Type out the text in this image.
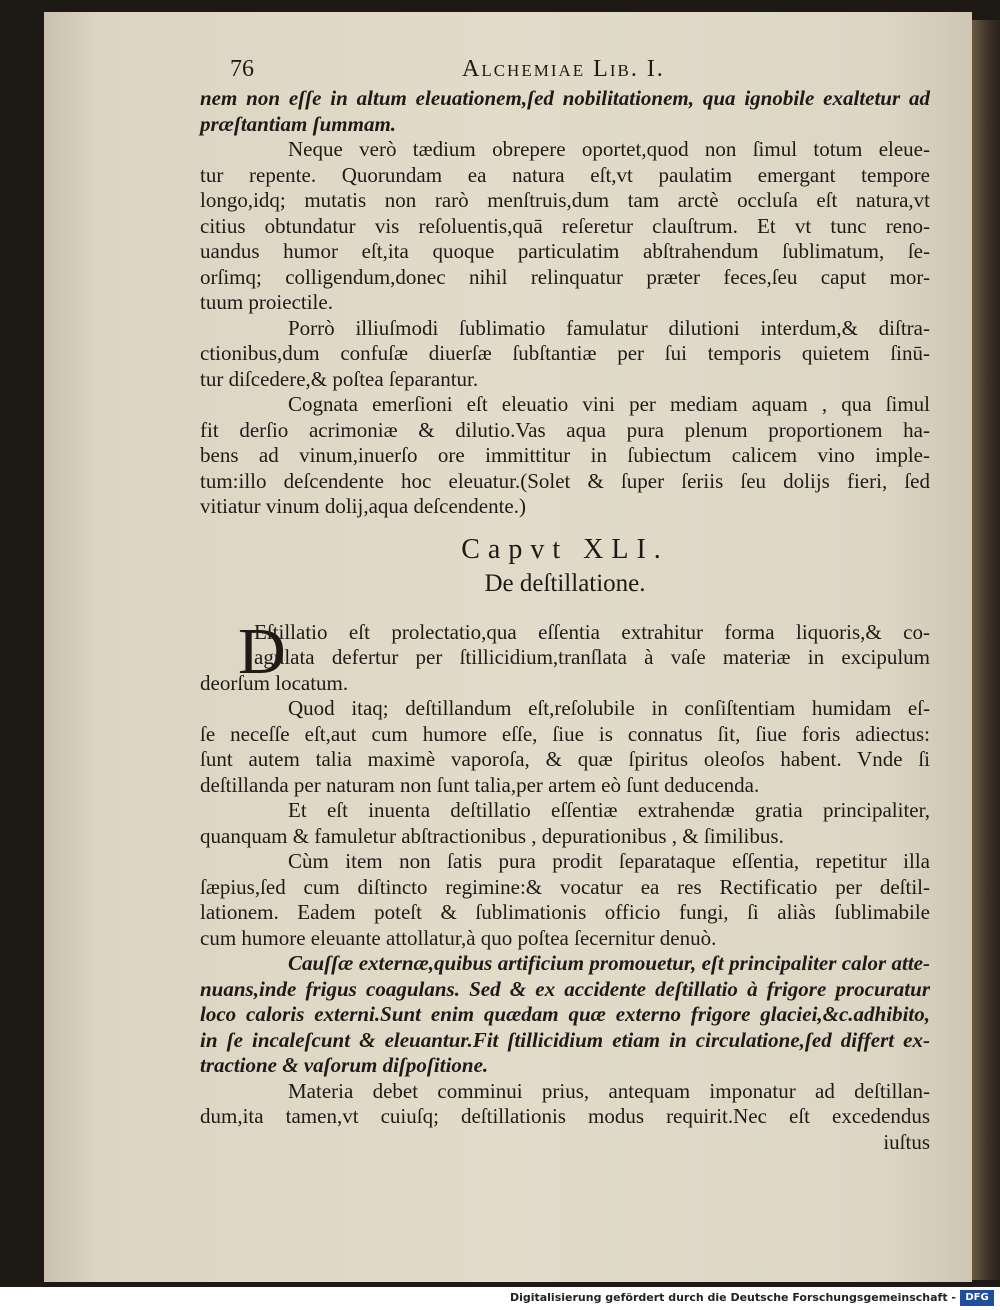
76	Alchemiae Lib. I.
nem non eſſe in altum eleuationem,ſed nobilitationem, qua ignobile exaltetur ad
præſtantiam ſummam.
Neque verò tædium obrepere oportet,quod non ſimul totum eleue-
tur repente. Quorundam ea natura eſt,vt paulatim emergant tempore
longo,idq; mutatis non rarò menſtruis,dum tam arctè occluſa eſt natura,vt
citius obtundatur vis reſoluentis,quā reſeretur clauſtrum. Et vt tunc reno-
uandus humor eſt,ita quoque particulatim abſtrahendum ſublimatum, ſe-
orſimq; colligendum,donec nihil relinquatur præter feces,ſeu caput mor-
tuum proiectile.
Porrò illiuſmodi ſublimatio famulatur dilutioni interdum,& diſtra-
ctionibus,dum confuſæ diuerſæ ſubſtantiæ per ſui temporis quietem ſinū-
tur diſcedere,& poſtea ſeparantur.
Cognata emerſioni eſt eleuatio vini per mediam aquam , qua ſimul
fit derſio acrimoniæ & dilutio.Vas aqua pura plenum proportionem ha-
bens ad vinum,inuerſo ore immittitur in ſubiectum calicem vino imple-
tum:illo deſcendente hoc eleuatur.(Solet & ſuper ſeriis ſeu dolijs fieri, ſed
vitiatur vinum dolij,aqua deſcendente.)
Capvt XLI.
De deſtillatione.
D
Eſtillatio eſt prolectatio,qua eſſentia extrahitur forma liquoris,& co-
agulata defertur per ſtillicidium,tranſlata à vaſe materiæ in excipulum
deorſum locatum.
Quod itaq; deſtillandum eſt,reſolubile in conſiſtentiam humidam eſ-
ſe neceſſe eſt,aut cum humore eſſe, ſiue is connatus ſit, ſiue foris adiectus:
ſunt autem talia maximè vaporoſa, & quæ ſpiritus oleoſos habent. Vnde ſi
deſtillanda per naturam non ſunt talia,per artem eò ſunt deducenda.
Et eſt inuenta deſtillatio eſſentiæ extrahendæ gratia principaliter,
quanquam & famuletur abſtractionibus , depurationibus , & ſimilibus.
Cùm item non ſatis pura prodit ſeparataque eſſentia, repetitur illa
ſæpius,ſed cum diſtincto regimine:& vocatur ea res Rectificatio per deſtil-
lationem. Eadem poteſt & ſublimationis officio fungi, ſi aliàs ſublimabile
cum humore eleuante attollatur,à quo poſtea ſecernitur denuò.
Cauſſæ externæ,quibus artificium promouetur, eſt principaliter calor atte-
nuans,inde frigus coagulans. Sed & ex accidente deſtillatio à frigore procuratur
loco caloris externi.Sunt enim quædam quæ externo frigore glaciei,&c.adhibito,
in ſe incaleſcunt & eleuantur.Fit ſtillicidium etiam in circulatione,ſed differt ex-
tractione & vaſorum diſpoſitione.
Materia debet comminui prius, antequam imponatur ad deſtillan-
dum,ita tamen,vt cuiuſq; deſtillationis modus requirit.Nec eſt excedendus
iuſtus
Digitalisierung gefördert durch die Deutsche Forschungsgemeinschaft - DFG
